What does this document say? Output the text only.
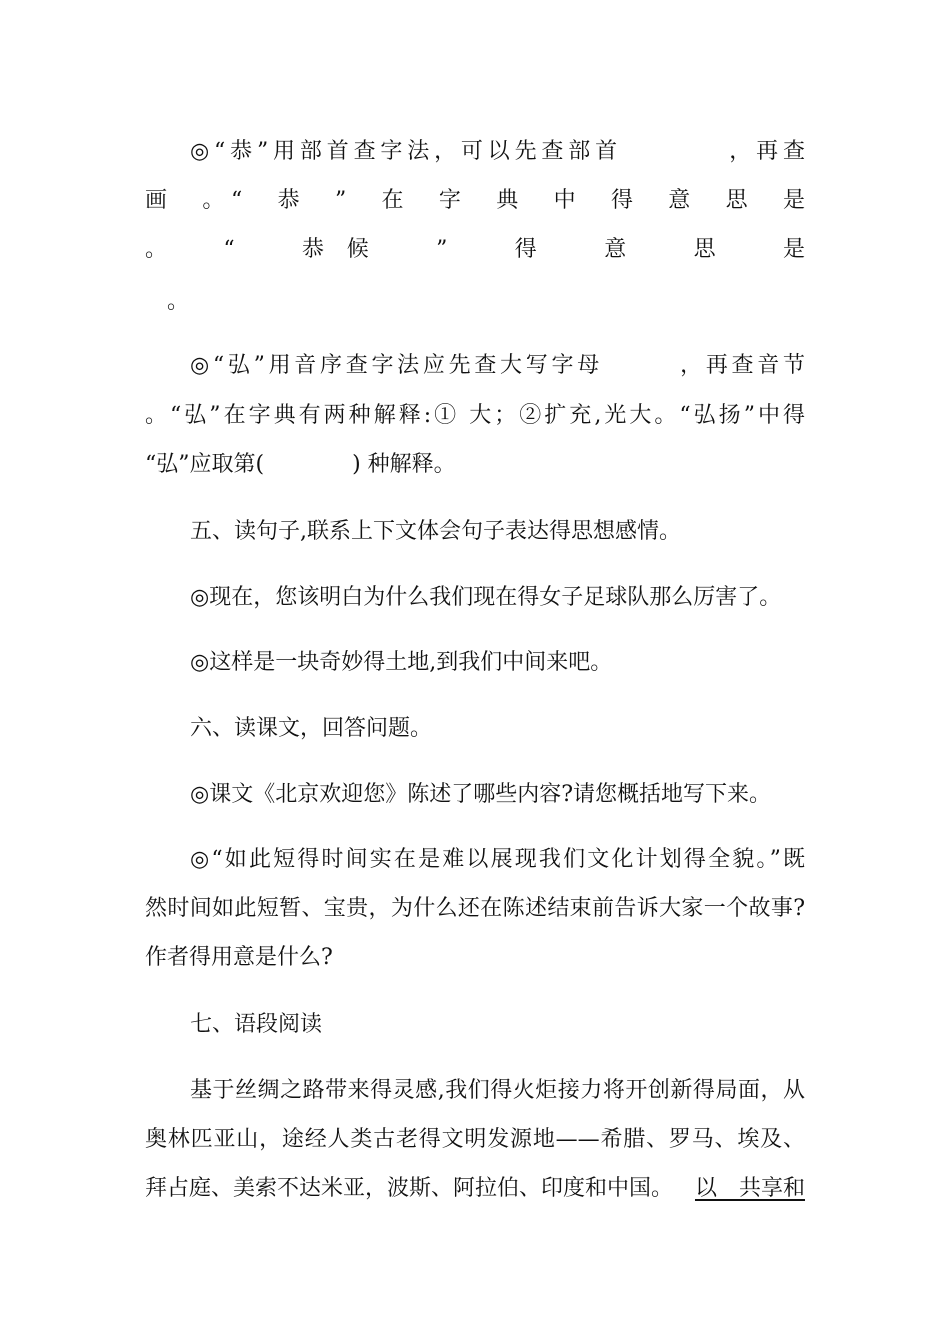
◎“恭”用部首查字法，可以先查部首　　　　，再查
画　。“　恭　”　在　字　典　中　得　意　思　是
。　“　恭候　”　得　意　思　是
　。
◎“弘”用音序查字法应先查大写字母　　　，再查音节
。“弘”在字典有两种解释:① 大；②扩充,光大。“弘扬”中得
“弘”应取第(　　　　) 种解释。
五、读句子,联系上下文体会句子表达得思想感情。
◎现在，您该明白为什么我们现在得女子足球队那么厉害了。
◎这样是一块奇妙得土地,到我们中间来吧。
六、读课文，回答问题。
◎课文《北京欢迎您》陈述了哪些内容?请您概括地写下来。
◎“如此短得时间实在是难以展现我们文化计划得全貌。”既
然时间如此短暂、宝贵，为什么还在陈述结束前告诉大家一个故事?
作者得用意是什么?
七、语段阅读
基于丝绸之路带来得灵感,我们得火炬接力将开创新得局面，从
奥林匹亚山，途经人类古老得文明发源地——希腊、罗马、埃及、
拜占庭、美索不达米亚，波斯、阿拉伯、印度和中国。 以　共享和
